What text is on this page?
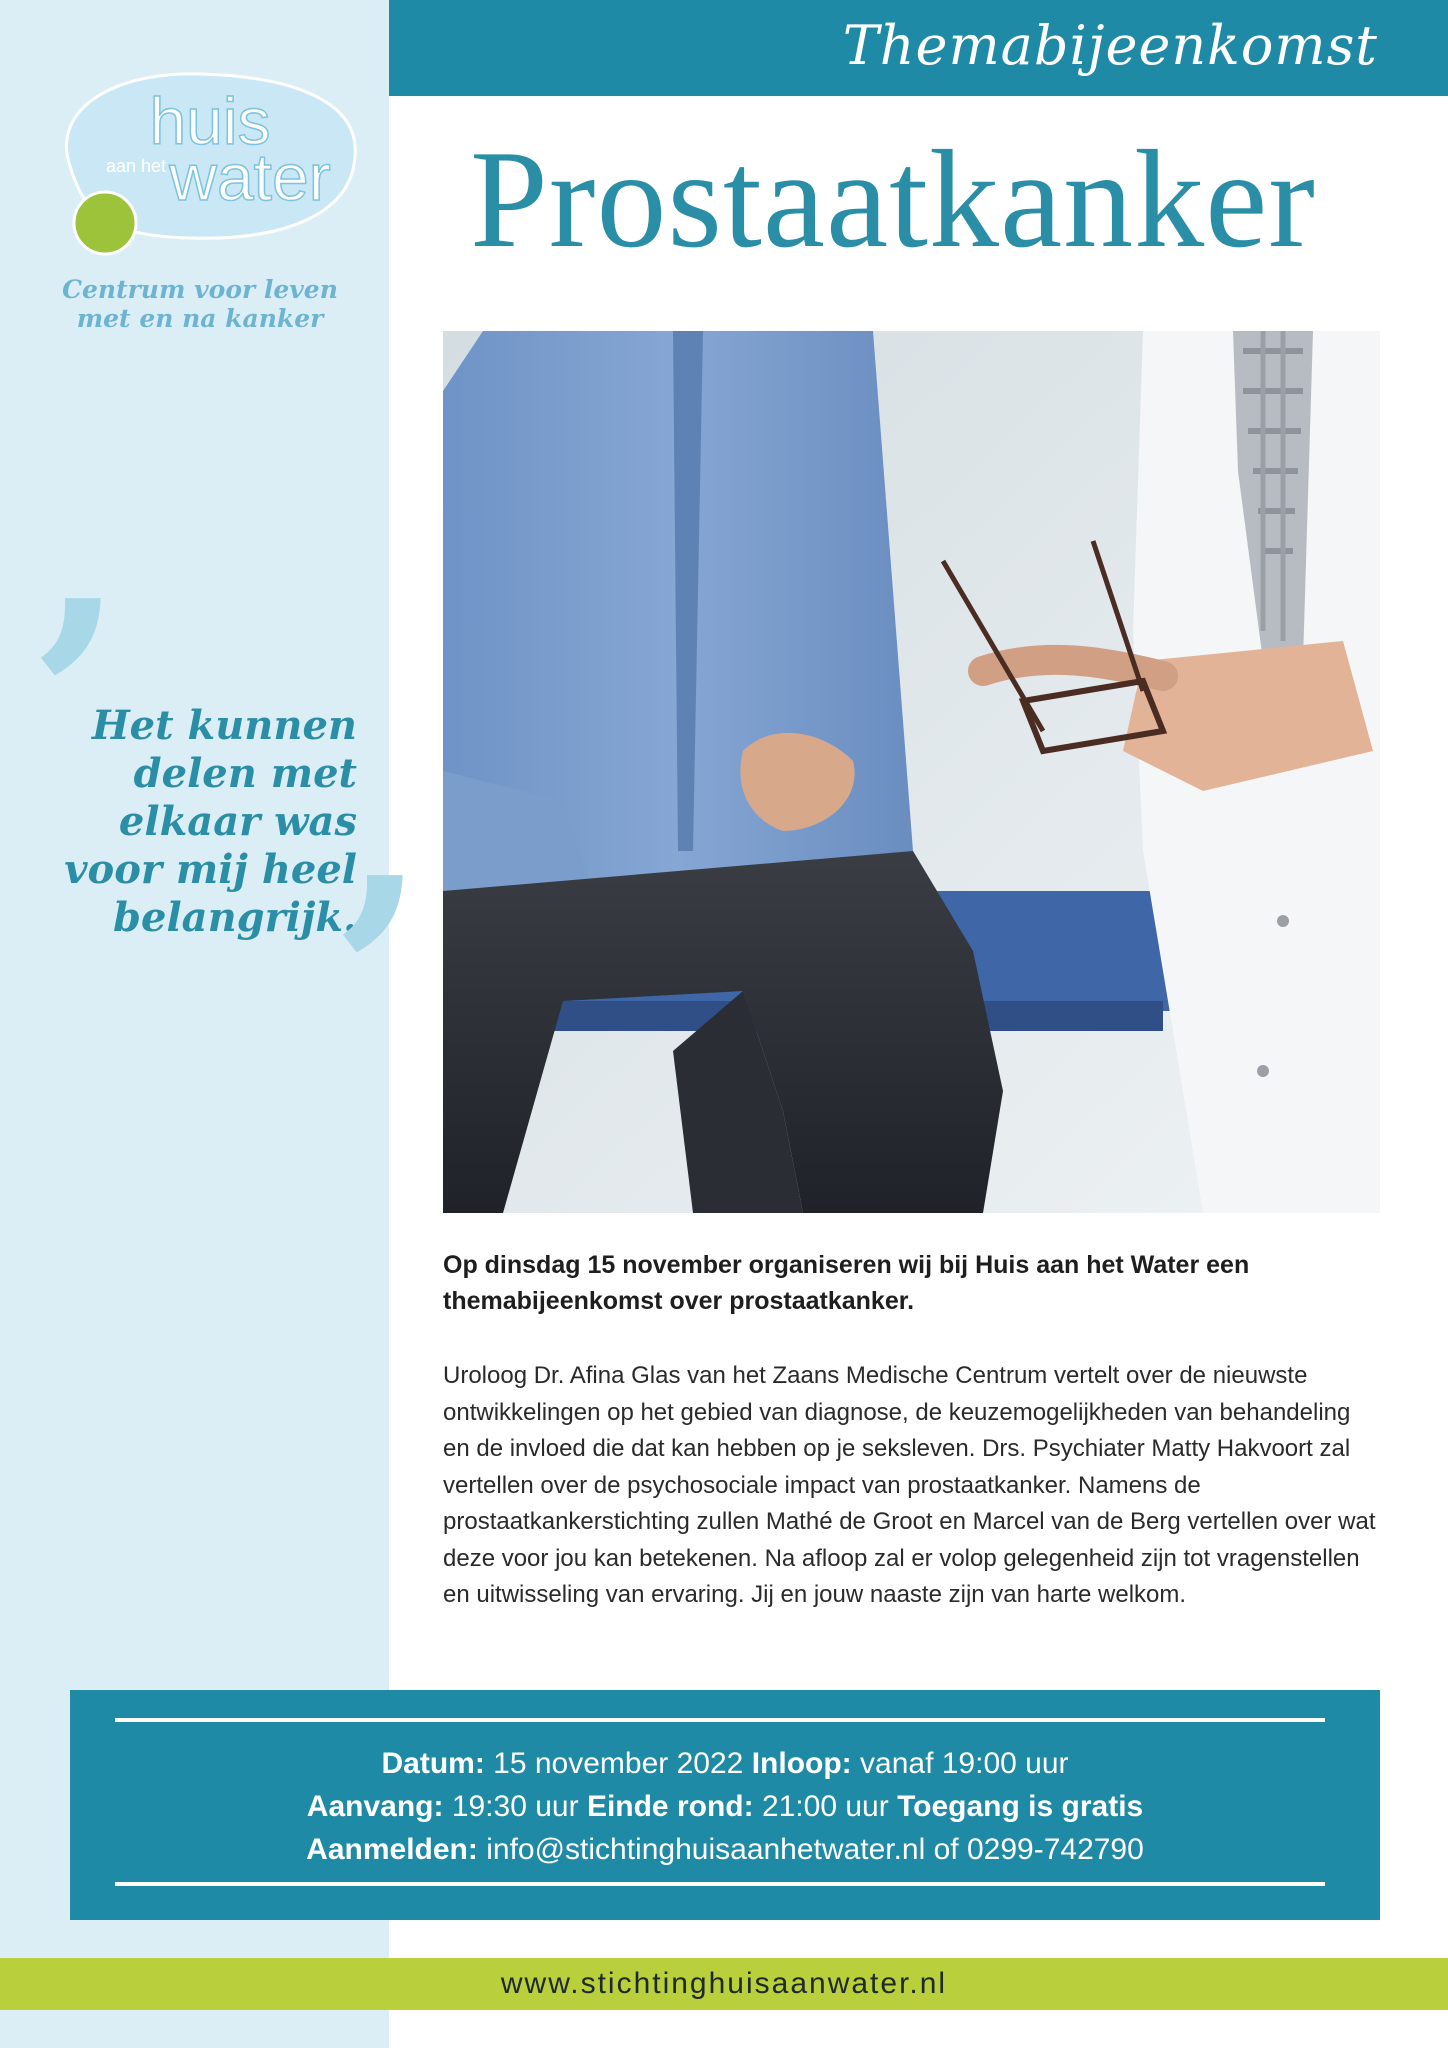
huis
aan het water
Centrum voor leven
met en na kanker
’
Het kunnen
delen met
elkaar was
voor mij heel
belangrijk.
’
Themabijeenkomst
Prostaatkanker
Op dinsdag 15 november organiseren wij bij Huis aan het Water een themabijeenkomst over prostaatkanker.
Uroloog Dr. Afina Glas van het Zaans Medische Centrum vertelt over de nieuwste ontwikkelingen op het gebied van diagnose, de keuzemogelijkheden van behandeling en de invloed die dat kan hebben op je seksleven. Drs. Psychiater Matty Hakvoort zal vertellen over de psychosociale impact van prostaatkanker. Namens de prostaatkankerstichting zullen Mathé de Groot en Marcel van de Berg vertellen over wat deze voor jou kan betekenen. Na afloop zal er volop gelegenheid zijn tot vragenstellen en uitwisseling van ervaring. Jij en jouw naaste zijn van harte welkom.
Datum: 15 november 2022 Inloop: vanaf 19:00 uur
Aanvang: 19:30 uur Einde rond: 21:00 uur Toegang is gratis
Aanmelden: info@stichtinghuisaanhetwater.nl of 0299-742790
www.stichtinghuisaanwater.nl
